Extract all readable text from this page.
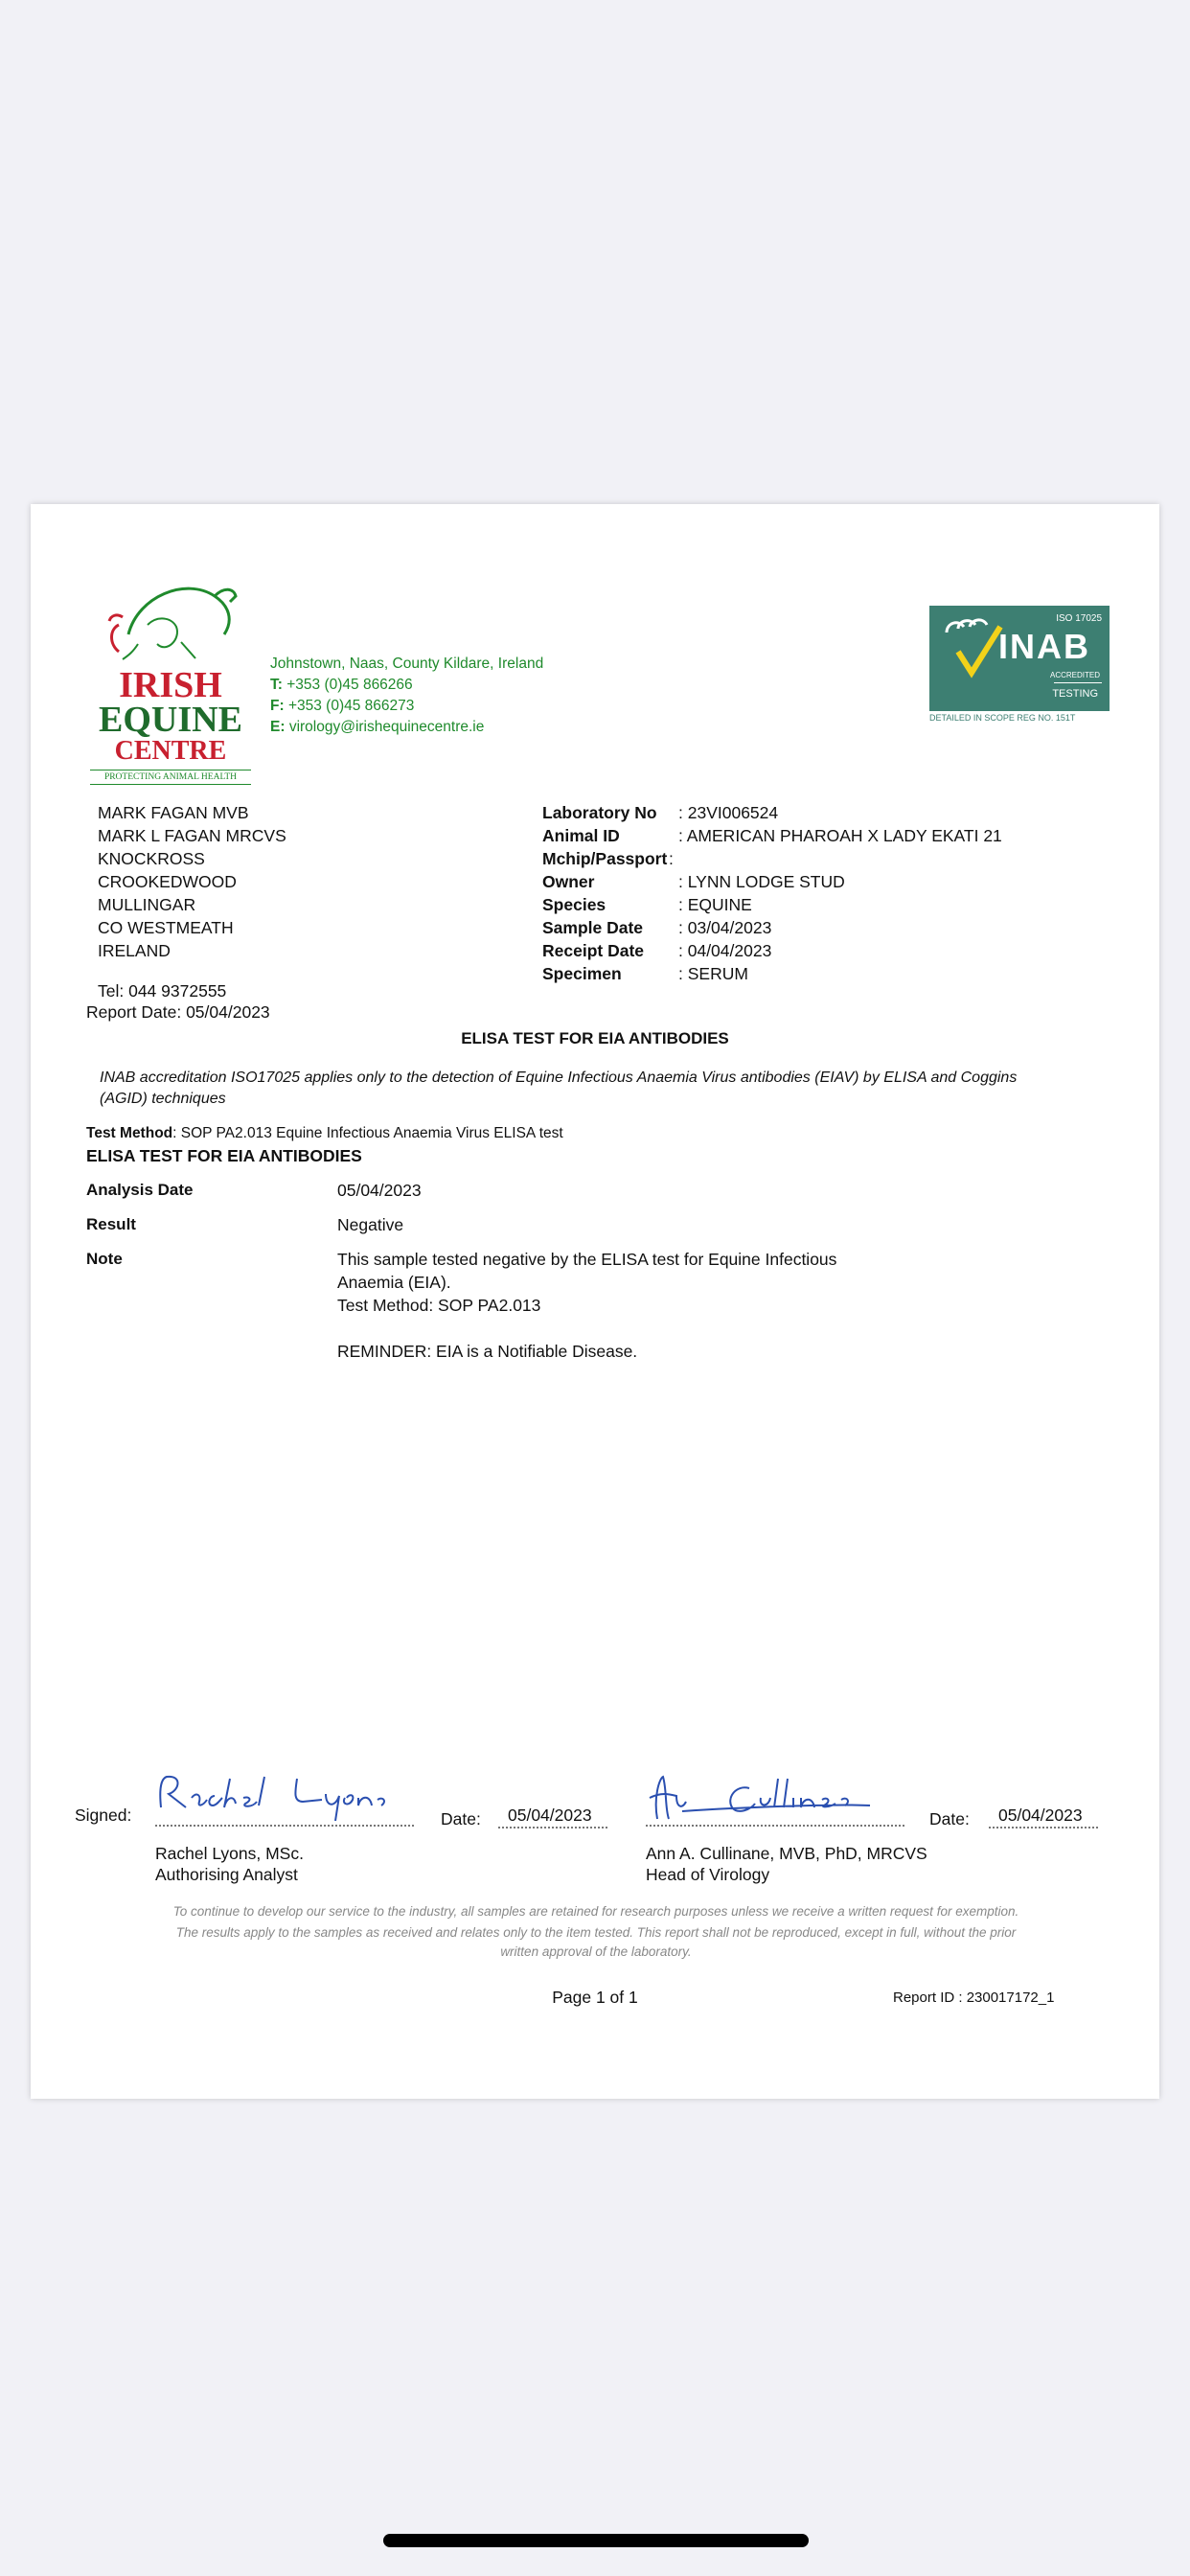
IRISH
EQUINE
CENTRE
PROTECTING ANIMAL HEALTH
Johnstown, Naas, County Kildare, Ireland
T: +353 (0)45 866266
F: +353 (0)45 866273
E: virology@irishequinecentre.ie
ISO 17025
INAB
ACCREDITED
TESTING
DETAILED IN SCOPE REG NO. 151T
MARK FAGAN MVB
MARK L FAGAN MRCVS
KNOCKROSS
CROOKEDWOOD
MULLINGAR
CO WESTMEATH
IRELAND
Tel: 044 9372555
Report Date: 05/04/2023
Laboratory No : 23VI006524
Animal ID	: AMERICAN PHAROAH X LADY EKATI 21
Mchip/Passport :
Owner	: LYNN LODGE STUD
Species	: EQUINE
Sample Date : 03/04/2023
Receipt Date : 04/04/2023
Specimen	: SERUM
ELISA TEST FOR EIA ANTIBODIES
INAB accreditation ISO17025 applies only to the detection of Equine Infectious Anaemia Virus antibodies (EIAV) by ELISA and Coggins (AGID) techniques
Test Method: SOP PA2.013 Equine Infectious Anaemia Virus ELISA test
ELISA TEST FOR EIA ANTIBODIES
Analysis Date	05/04/2023
Result	Negative
Note	This sample tested negative by the ELISA test for Equine Infectious
Anaemia (EIA).
Test Method: SOP PA2.013
REMINDER: EIA is a Notifiable Disease.
Signed:	Date: 05/04/2023
Rachel Lyons, MSc.
Authorising Analyst
Date: 05/04/2023
Ann A. Cullinane, MVB, PhD, MRCVS
Head of Virology
To continue to develop our service to the industry, all samples are retained for research purposes unless we receive a written request for exemption.
The results apply to the samples as received and relates only to the item tested. This report shall not be reproduced, except in full, without the prior
written approval of the laboratory.
Page 1 of 1	Report ID : 230017172_1
